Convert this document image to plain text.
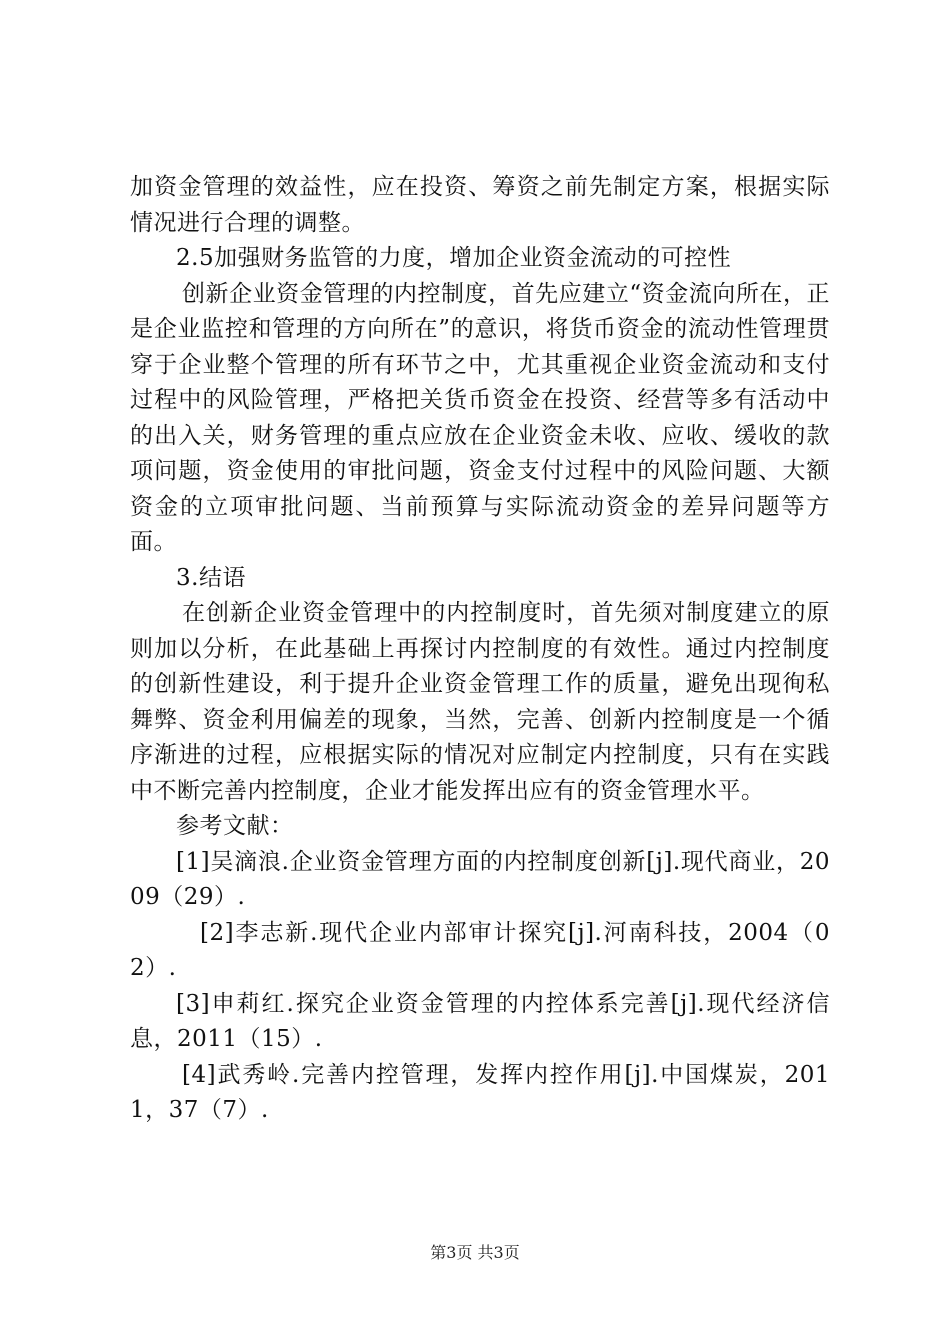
加资金管理的效益性，应在投资、筹资之前先制定方案，根据实际情况进行合理的调整。

2.5加强财务监管的力度，增加企业资金流动的可控性

创新企业资金管理的内控制度，首先应建立“资金流向所在，正是企业监控和管理的方向所在”的意识，将货币资金的流动性管理贯穿于企业整个管理的所有环节之中，尤其重视企业资金流动和支付过程中的风险管理，严格把关货币资金在投资、经营等多有活动中的出入关，财务管理的重点应放在企业资金未收、应收、缓收的款项问题，资金使用的审批问题，资金支付过程中的风险问题、大额资金的立项审批问题、当前预算与实际流动资金的差异问题等方面。

3.结语

在创新企业资金管理中的内控制度时，首先须对制度建立的原则加以分析，在此基础上再探讨内控制度的有效性。通过内控制度的创新性建设，利于提升企业资金管理工作的质量，避免出现徇私舞弊、资金利用偏差的现象，当然，完善、创新内控制度是一个循序渐进的过程，应根据实际的情况对应制定内控制度，只有在实践中不断完善内控制度，企业才能发挥出应有的资金管理水平。

参考文献：

[1]吴滴浪.企业资金管理方面的内控制度创新[j].现代商业，2009（29）.

[2]李志新.现代企业内部审计探究[j].河南科技，2004（02）.

[3]申莉红.探究企业资金管理的内控体系完善[j].现代经济信息，2011（15）.

[4]武秀岭.完善内控管理，发挥内控作用[j].中国煤炭，2011，37（7）.

第3页 共3页
